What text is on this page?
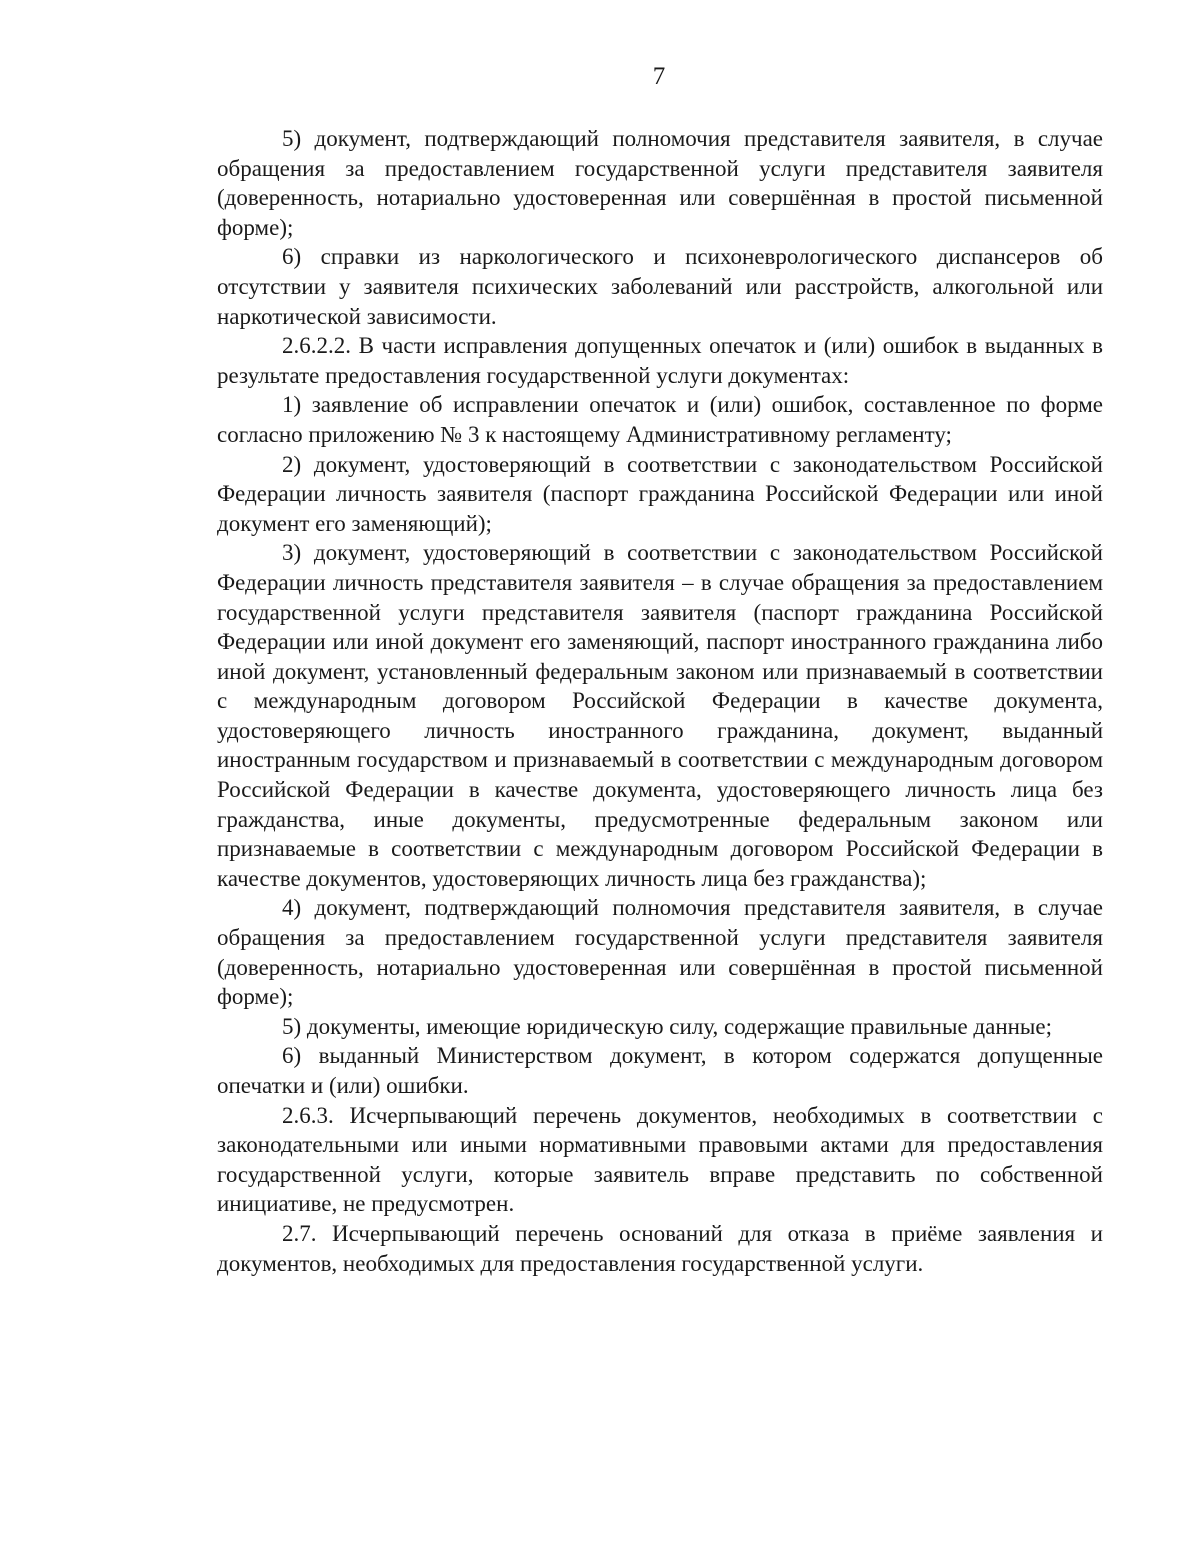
7

5) документ, подтверждающий полномочия представителя заявителя, в случае обращения за предоставлением государственной услуги представителя заявителя (доверенность, нотариально удостоверенная или совершённая в простой письменной форме);

6) справки из наркологического и психоневрологического диспансеров об отсутствии у заявителя психических заболеваний или расстройств, алкогольной или наркотической зависимости.

2.6.2.2. В части исправления допущенных опечаток и (или) ошибок в выданных в результате предоставления государственной услуги документах:

1) заявление об исправлении опечаток и (или) ошибок, составленное по форме согласно приложению № 3 к настоящему Административному регламенту;

2) документ, удостоверяющий в соответствии с законодательством Российской Федерации личность заявителя (паспорт гражданина Российской Федерации или иной документ его заменяющий);

3) документ, удостоверяющий в соответствии с законодательством Российской Федерации личность представителя заявителя – в случае обращения за предоставлением государственной услуги представителя заявителя (паспорт гражданина Российской Федерации или иной документ его заменяющий, паспорт иностранного гражданина либо иной документ, установленный федеральным законом или признаваемый в соответствии с международным договором Российской Федерации в качестве документа, удостоверяющего личность иностранного гражданина, документ, выданный иностранным государством и признаваемый в соответствии с международным договором Российской Федерации в качестве документа, удостоверяющего личность лица без гражданства, иные документы, предусмотренные федеральным законом или признаваемые в соответствии с международным договором Российской Федерации в качестве документов, удостоверяющих личность лица без гражданства);

4) документ, подтверждающий полномочия представителя заявителя, в случае обращения за предоставлением государственной услуги представителя заявителя (доверенность, нотариально удостоверенная или совершённая в простой письменной форме);

5) документы, имеющие юридическую силу, содержащие правильные данные;

6) выданный Министерством документ, в котором содержатся допущенные опечатки и (или) ошибки.

2.6.3. Исчерпывающий перечень документов, необходимых в соответствии с законодательными или иными нормативными правовыми актами для предоставления государственной услуги, которые заявитель вправе представить по собственной инициативе, не предусмотрен.

2.7. Исчерпывающий перечень оснований для отказа в приёме заявления и документов, необходимых для предоставления государственной услуги.
